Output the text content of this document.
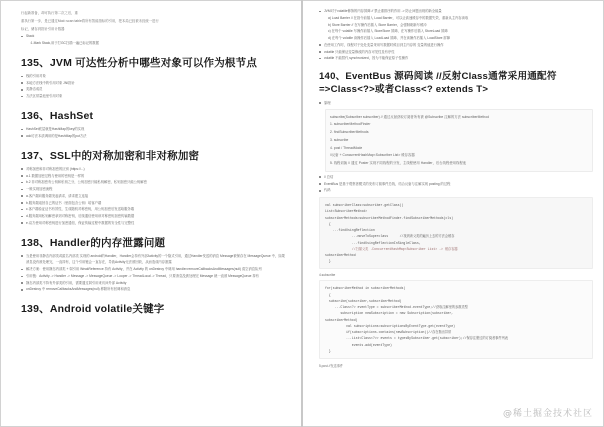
行起新准备，却可执行第二次之后，重
重执行第一步，是已通过Mod::scan table将所有智能指标的引用，把本局已经被未经统一进行
标记，储存到指针引用计数器
Stack
:1.Mark Stack,用于打GC扫描一遍已标记的数据
135、JVM 可达性分析中哪些对象可以作为根节点
栈的引用对象
本地方法栈中的引用对象 JNI指针
类静态成员
方法区常量池里引用对象
136、HashSet
HashSet底层就是HashMap的key的实现
add方法本质调用的是HashMap的put方法
137、SSL中的对称加密和非对称加密
对称加密和非对称加密的区别 (https://...)
a.1 数据加密过程与使用的密钥是一样的
b.2 非对称加密有公钥和私钥之分，公钥加密只能私钥解密，私钥加密只能公钥解密
一般实现加密流程
a.客户端向服务端发起请求，请求建立连接
b.服务端返回自己的证书（里面包含公钥）给客户端
c.客户端验证证书有效性，生成随机对称密钥，用公钥加密后发送给服务端
d.服务端用私钥解密拿到对称密钥，后续通信使用该对称密钥加密传输数据
e.双方使用对称密钥进行加密通信，保证传输过程中数据的安全性与完整性
138、Handler的内存泄露问题
当是使用非静态内部类或匿名内部类 实现的 android的Handler，Handler会持有外部Activity的一个隐式引用，通过Handler发送的消息 Message被保存在 MessageQueue 中，如果消息没有被处理完，一直持有，这个引用链会一直存在，导致Activity无法被回收，从而造成内存泄露
解决方案：使用静态内部类 + 弱引用 WeakReference 持有 Activity，并在 Activity 的 onDestroy 中调用 handler.removeCallbacksAndMessages(null) 清空消息队列
引用链：Activity -> Handler -> Message -> MessageQueue -> Looper -> ThreadLocal -> Thread，只要消息没被处理完 Message 就一直被 MessageQueue 持有
静态内部类不持有外部类的引用，需要通过弱引用来访问外部 Activity
onDestroy 中 removeCallbacksAndMessages(null) 移除所有回调和消息
139、Android volatile关键字
JVM对于volatile修饰的内存屏障 // 禁止重排序的作用 -> 防止问题出现的新全能量
a) Load Barrier // 在指令前插入 Load Barrier，可以让高速缓存中的数据失效，重新从主内存读取
b) Store Barrier // 在写操作后插入 Store Barrier，会强制刷新写缓冲
c) 在每个 volatile 写操作前插入 StoreStore 屏障，在写操作后插入 StoreLoad 屏障
d) 在每个 volatile 读操作后插入 LoadLoad 屏障、并在读操作后插入 LoadStore 屏障
在使用工作时，线程对于处处变量采用写数据时候目到主内存的 变量的值进行操作
volatile 只能保证变量修改的内存可见性及有序性
volatile 不能替代 synchronized，因为不能保证原子性操作
140、EventBus 源码阅读 //反射Class通常采用通配符 =>Class<?>或者Class<? extends T>
原理
subscribe(Subscriber subscriber) // 通过反射获取订阅者所有被 @Subscribe 注解的方法 subscriberMethod
1. subscriberMethodFinder
2. findSubscriberMethods
3. subscribe
4. post / ThreadMode
//反射 + ConcurrentHashMap<Subscriber List> 缓存容器
5. 线程切换 // 通过 Poster 实现不同线程的分发，主线程使用 Handler，后台线程使用线程池
// 总结
EventBus 是基于观察者模式的发布订阅事件总线，结合反射与注解实现 posting 的过程
代码
val subscriberClass=subscriber.getClass()
List<SubscriberMethod>
subscriberMethods=subscriberMethodFinder.findSubscriberMethods(cls)
{
...findUsingReflection
...moveToSuperclass      //找到该父类的遍历上去的方法会缓存
...findUsingReflectionInSingleClass,
//扫描父类 .ConcurrentHashMap<Subscriber List> -> 缓存容器
subscriberMethod
}
4.subscribe
for(subscriberMethod in subscriberMethods)
{
subscribe(subscriber,subscriberMethod)
...Class<?> eventType = subscriberMethod.eventType;//获取注解里的参数类型
subscription newSubscription = new Subscription(subscriber,
subscriberMethod)
val subscriptions=subscriptionsByEventType.get(eventType)
if(subscriptions.contains(newSubscription))//存在抛出异常
...List<Class<?>> events = typesBySubscriber.get(subscriber);//保存注册过的订阅者事件列表
events.add(eventType)
}
5.post //发送事件
@稀土掘金技术社区
